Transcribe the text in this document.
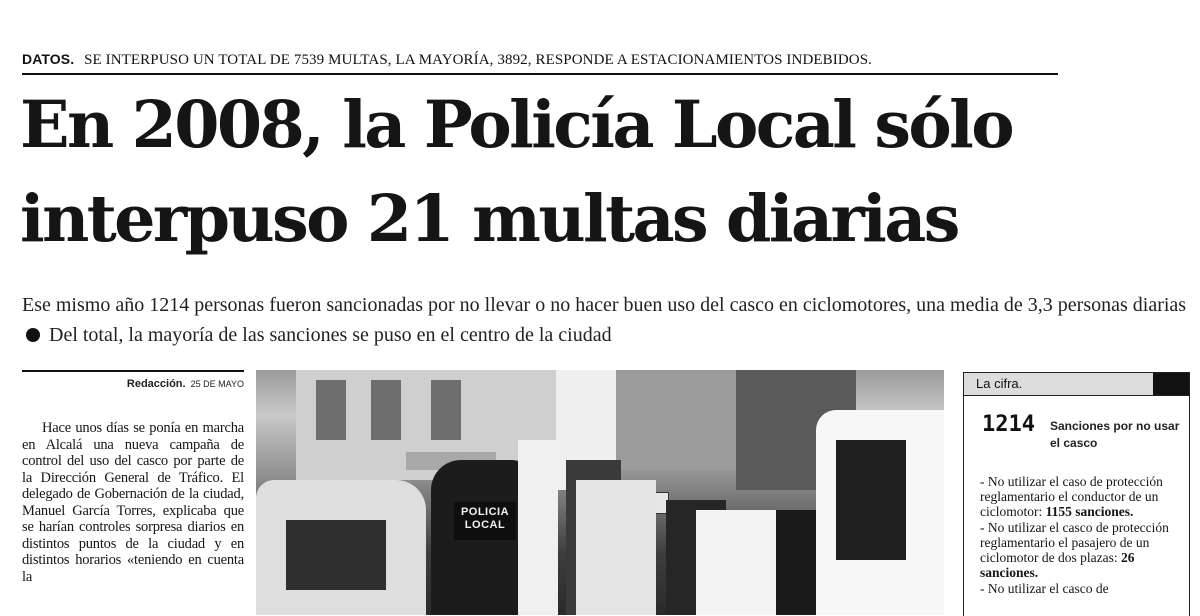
DATOS. SE INTERPUSO UN TOTAL DE 7539 MULTAS, LA MAYORÍA, 3892, RESPONDE A ESTACIONAMIENTOS INDEBIDOS.
En 2008, la Policía Local sólo
interpuso 21 multas diarias
Ese mismo año 1214 personas fueron sancionadas por no llevar o no hacer buen uso del casco en ciclomotores, una media de 3,3 personas diarias  Del total, la mayoría de las sanciones se puso en el centro de la ciudad
Redacción. 25 DE MAYO

Hace unos días se ponía en marcha en Alcalá una nueva campaña de control del uso del casco por parte de la Dirección General de Tráfico. El delegado de Gobernación de la ciudad, Manuel García Torres, explicaba que se harían controles sorpresa diarios en distintos puntos de la ciudad y en distintos horarios «teniendo en cuenta la

POLICIA
LOCAL
La cifra.
1214 Sanciones por no usar el casco
- No utilizar el caso de protección reglamentario el conductor de un ciclomotor: 1155 sanciones.
- No utilizar el casco de protección reglamentario el pasajero de un ciclomotor de dos plazas: 26 sanciones.
- No utilizar el casco de
